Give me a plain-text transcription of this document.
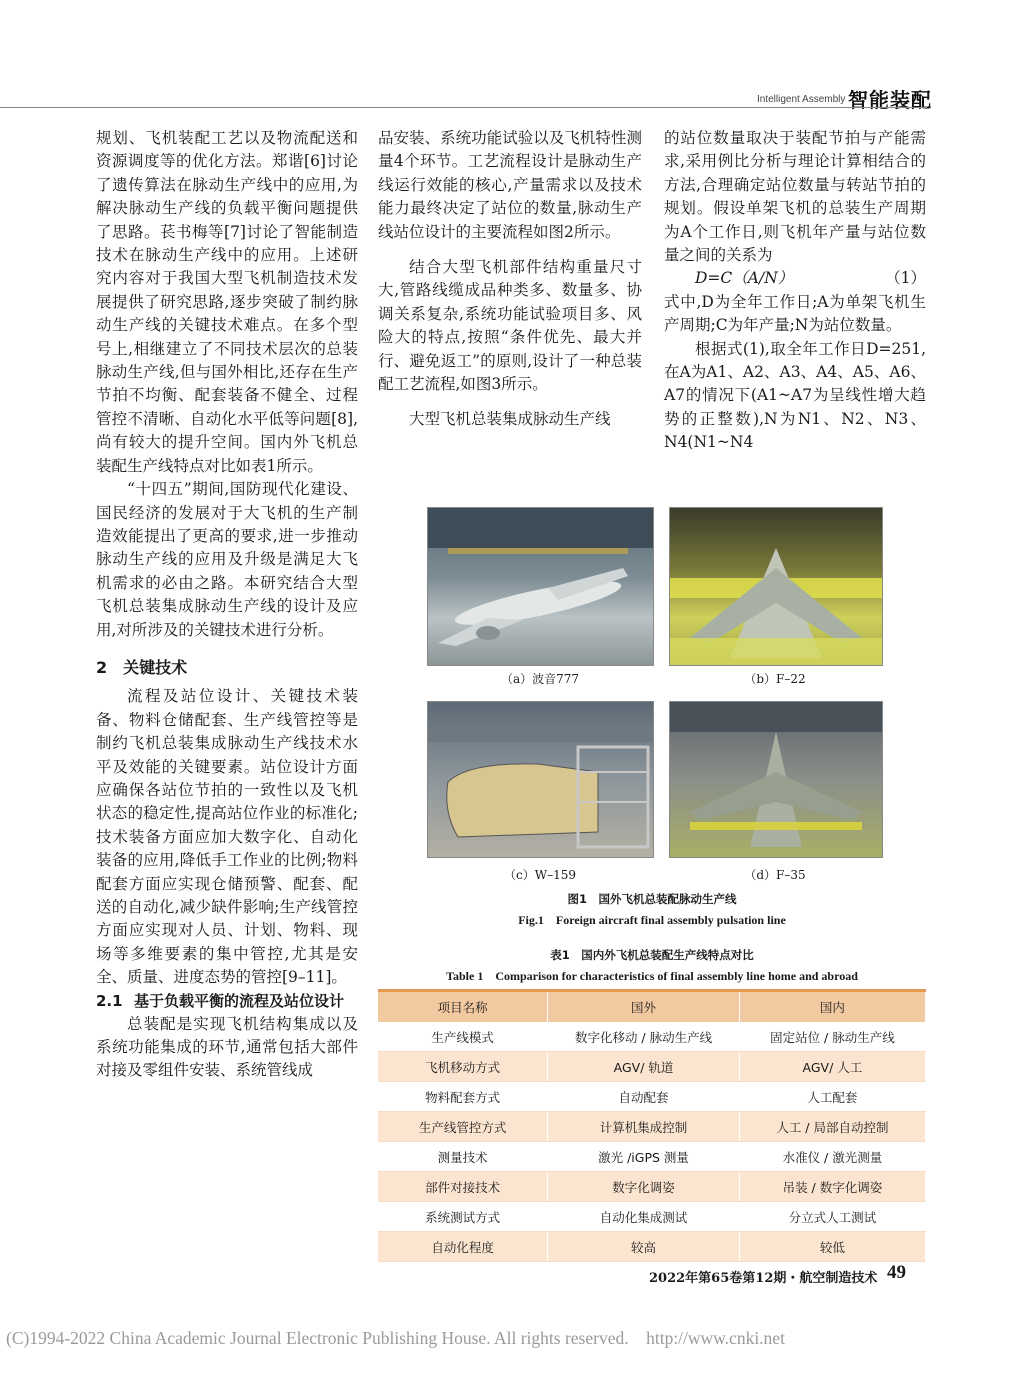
Intelligent Assembly 智能装配

规划、飞机装配工艺以及物流配送和资源调度等的优化方法。郑谐[6]讨论了遗传算法在脉动生产线中的应用,为解决脉动生产线的负载平衡问题提供了思路。苌书梅等[7]讨论了智能制造技术在脉动生产线中的应用。上述研究内容对于我国大型飞机制造技术发展提供了研究思路,逐步突破了制约脉动生产线的关键技术难点。在多个型号上,相继建立了不同技术层次的总装脉动生产线,但与国外相比,还存在生产节拍不均衡、配套装备不健全、过程管控不清晰、自动化水平低等问题[8],尚有较大的提升空间。国内外飞机总装配生产线特点对比如表1所示。

“十四五”期间,国防现代化建设、国民经济的发展对于大飞机的生产制造效能提出了更高的要求,进一步推动脉动生产线的应用及升级是满足大飞机需求的必由之路。本研究结合大型飞机总装集成脉动生产线的设计及应用,对所涉及的关键技术进行分析。

2　关键技术

流程及站位设计、关键技术装备、物料仓储配套、生产线管控等是制约飞机总装集成脉动生产线技术水平及效能的关键要素。站位设计方面应确保各站位节拍的一致性以及飞机状态的稳定性,提高站位作业的标准化;技术装备方面应加大数字化、自动化装备的应用,降低手工作业的比例;物料配套方面应实现仓储预警、配套、配送的自动化,减少缺件影响;生产线管控方面应实现对人员、计划、物料、现场等多维要素的集中管控,尤其是安全、质量、进度态势的管控[9–11]。

2.1 基于负载平衡的流程及站位设计

总装配是实现飞机结构集成以及系统功能集成的环节,通常包括大部件对接及零组件安装、系统管线成

品安装、系统功能试验以及飞机特性测量4个环节。工艺流程设计是脉动生产线运行效能的核心,产量需求以及技术能力最终决定了站位的数量,脉动生产线站位设计的主要流程如图2所示。

结合大型飞机部件结构重量尺寸大,管路线缆成品种类多、数量多、协调关系复杂,系统功能试验项目多、风险大的特点,按照“条件优先、最大并行、避免返工”的原则,设计了一种总装配工艺流程,如图3所示。

大型飞机总装集成脉动生产线

的站位数量取决于装配节拍与产能需求,采用例比分析与理论计算相结合的方法,合理确定站位数量与转站节拍的规划。假设单架飞机的总装生产周期为A个工作日,则飞机年产量与站位数量之间的关系为

D=C（A/N）	（1）

式中,D为全年工作日;A为单架飞机生产周期;C为年产量;N为站位数量。

根据式(1),取全年工作日D=251,在A为A1、A2、A3、A4、A5、A6、A7的情况下(A1~A7为呈线性增大趋势的正整数),N为N1、N2、N3、N4(N1~N4

（a）波音777	（b）F–22
（c）W–159	（d）F–35
图1　国外飞机总装配脉动生产线
Fig.1　Foreign aircraft final assembly pulsation line
表1　国内外飞机总装配生产线特点对比
Table 1　Comparison for characteristics of final assembly line home and abroad
项目名称	国外	国内
生产线模式	数字化移动 / 脉动生产线	固定站位 / 脉动生产线
飞机移动方式	AGV/ 轨道	AGV/ 人工
物料配套方式	自动配套	人工配套
生产线管控方式	计算机集成控制	人工 / 局部自动控制
测量技术	激光 /iGPS 测量	水准仪 / 激光测量
部件对接技术	数字化调姿	吊装 / 数字化调姿
系统测试方式	自动化集成测试	分立式人工测试
自动化程度	较高	较低
2022年第65卷第12期・航空制造技术 49
(C)1994-2022 China Academic Journal Electronic Publishing House. All rights reserved.　http://www.cnki.net
